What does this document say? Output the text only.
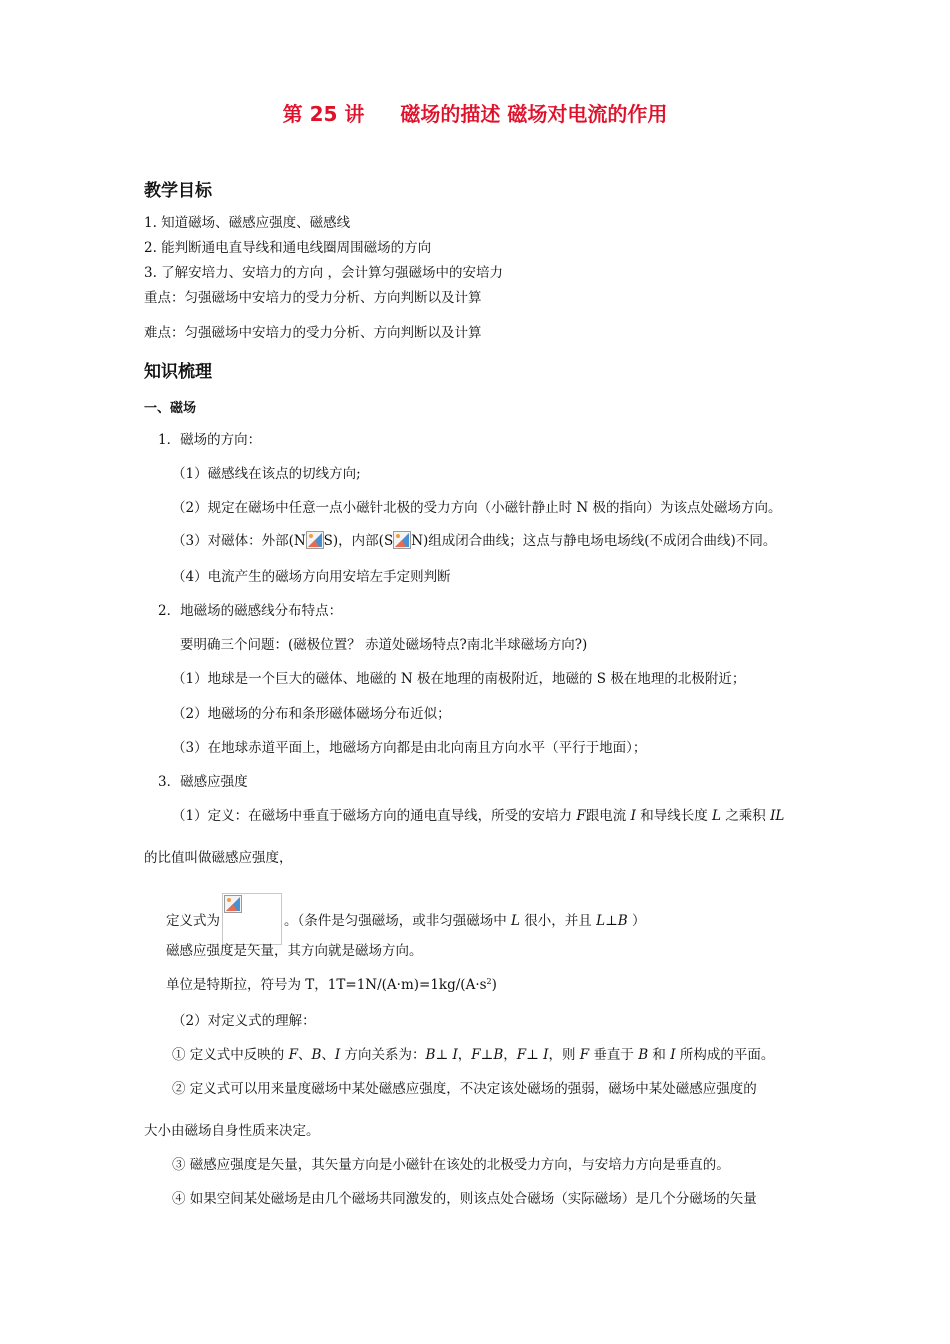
第 25 讲 磁场的描述 磁场对电流的作用
教学目标
1. 知道磁场、磁感应强度、磁感线
2. 能判断通电直导线和通电线圈周围磁场的方向
3. 了解安培力、安培力的方向 ，会计算匀强磁场中的安培力
重点：匀强磁场中安培力的受力分析、方向判断以及计算
难点：匀强磁场中安培力的受力分析、方向判断以及计算
知识梳理
一、磁场
1．磁场的方向：
（1）磁感线在该点的切线方向;
（2）规定在磁场中任意一点小磁针北极的受力方向（小磁针静止时 N 极的指向）为该点处磁场方向。
（3）对磁体：外部(N S)，内部(S N)组成闭合曲线；这点与静电场电场线(不成闭合曲线)不同。
（4）电流产生的磁场方向用安培左手定则判断
2．地磁场的磁感线分布特点：
要明确三个问题：(磁极位置？ 赤道处磁场特点?南北半球磁场方向?)
（1）地球是一个巨大的磁体、地磁的 N 极在地理的南极附近，地磁的 S 极在地理的北极附近；
（2）地磁场的分布和条形磁体磁场分布近似；
（3）在地球赤道平面上，地磁场方向都是由北向南且方向水平（平行于地面）；
3．磁感应强度
（1）定义：在磁场中垂直于磁场方向的通电直导线，所受的安培力 F跟电流 I 和导线长度 L 之乘积 IL
的比值叫做磁感应强度，
定义式为	。（条件是匀强磁场，或非匀强磁场中 L 很小，并且 L⊥B ）
磁感应强度是矢量，其方向就是磁场方向。
单位是特斯拉，符号为 T，$1T=1N/(A\cdot m)=1kg/(A\cdot s^2)$
（2）对定义式的理解：
① 定义式中反映的 F、B、I 方向关系为：B⊥ I，F⊥B，F⊥ I，则 F 垂直于 B 和 I 所构成的平面。
② 定义式可以用来量度磁场中某处磁感应强度，不决定该处磁场的强弱，磁场中某处磁感应强度的
大小由磁场自身性质来决定。
③ 磁感应强度是矢量，其矢量方向是小磁针在该处的北极受力方向，与安培力方向是垂直的。
④ 如果空间某处磁场是由几个磁场共同激发的，则该点处合磁场（实际磁场）是几个分磁场的矢量
